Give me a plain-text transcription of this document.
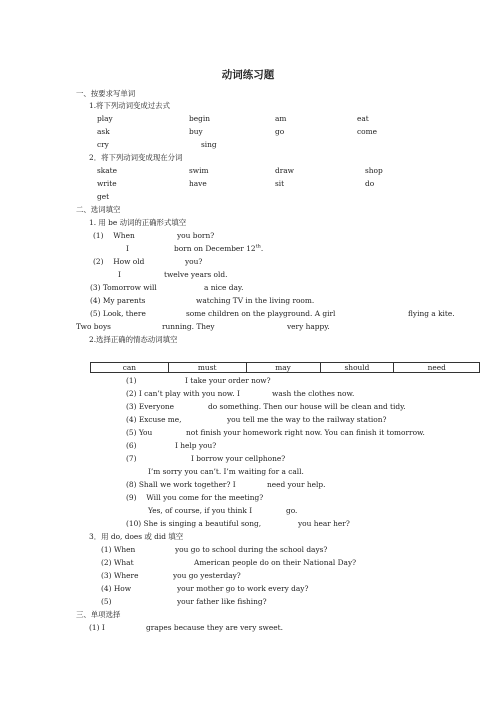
动词练习题
一、按要求写单词
1.将下列动词变成过去式
play	begin	am	eat
ask	buy	go	come
cry	sing
2．将下列动词变成现在分词
skate	swim	draw	shop
write	have	sit	do
get
二、选词填空
1. 用 be 动词的正确形式填空
(1)　 When	you born?
I	born on December 12th.
(2)　 How old	you?
I	twelve years old.
(3) Tomorrow will	a nice day.
(4) My parents	watching TV in the living room.
(5) Look, there	some children on the playground. A girl	flying a kite.
Two boys	running. They	very happy.
2.选择正确的情态动词填空
can	must	may	should	need
(1)	I take your order now?
(2) I can’t play with you now. I	wash the clothes now.
(3) Everyone	do something. Then our house will be clean and tidy.
(4) Excuse me,	you tell me the way to the railway station?
(5) You	not finish your homework right now. You can finish it tomorrow.
(6)	I help you?
(7)	I borrow your cellphone?
I’m sorry you can’t. I’m waiting for a call.
(8) Shall we work together? I	need your help.
(9)　 Will you come for the meeting?
Yes, of course, if you think I	go.
(10) She is singing a beautiful song,	you hear her?
3．用 do, does 或 did 填空
(1) When	you go to school during the school days?
(2) What	American people do on their National Day?
(3) Where	you go yesterday?
(4) How	your mother go to work every day?
(5)	your father like fishing?
三、单项选择
(1) I	grapes because they are very sweet.
